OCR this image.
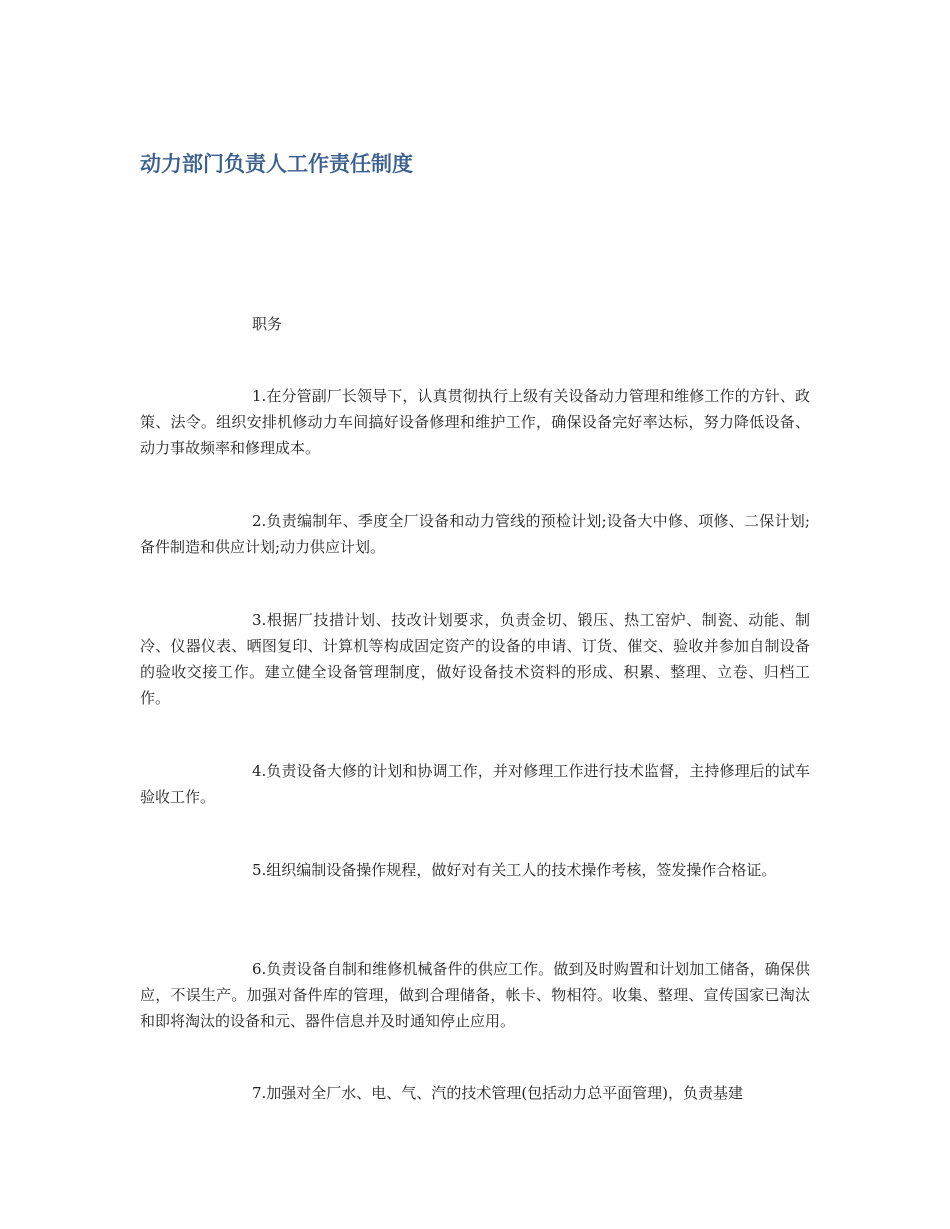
动力部门负责人工作责任制度

职务

1.在分管副厂长领导下，认真贯彻执行上级有关设备动力管理和维修工作的方针、政策、法令。组织安排机修动力车间搞好设备修理和维护工作，确保设备完好率达标，努力降低设备、动力事故频率和修理成本。

2.负责编制年、季度全厂设备和动力管线的预检计划;设备大中修、项修、二保计划;备件制造和供应计划;动力供应计划。

3.根据厂技措计划、技改计划要求，负责金切、锻压、热工窑炉、制瓷、动能、制冷、仪器仪表、晒图复印、计算机等构成固定资产的设备的申请、订货、催交、验收并参加自制设备的验收交接工作。建立健全设备管理制度，做好设备技术资料的形成、积累、整理、立卷、归档工作。

4.负责设备大修的计划和协调工作，并对修理工作进行技术监督，主持修理后的试车验收工作。

5.组织编制设备操作规程，做好对有关工人的技术操作考核，签发操作合格证。

6.负责设备自制和维修机械备件的供应工作。做到及时购置和计划加工储备，确保供应，不误生产。加强对备件库的管理，做到合理储备，帐卡、物相符。收集、整理、宣传国家已淘汰和即将淘汰的设备和元、器件信息并及时通知停止应用。

7.加强对全厂水、电、气、汽的技术管理(包括动力总平面管理)，负责基建
